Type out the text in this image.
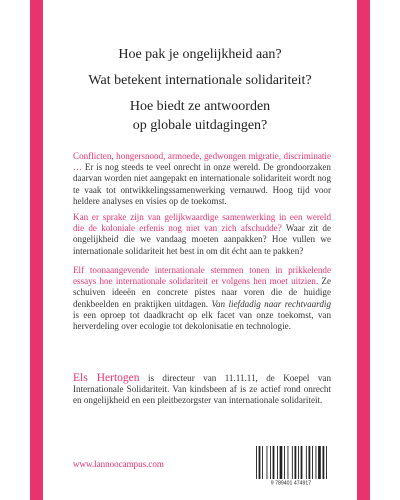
Hoe pak je ongelijkheid aan?

Wat betekent internationale solidariteit?

Hoe biedt ze antwoorden
op globale uitdagingen?

Conflicten, hongersnood, armoede, gedwongen migratie, discriminatie … Er is nog steeds te veel onrecht in onze wereld. De grondoorzaken daarvan worden niet aangepakt en internationale solidariteit wordt nog te vaak tot ontwikkelingssamenwerking vernauwd. Hoog tijd voor heldere analyses en visies op de toekomst.

Kan er sprake zijn van gelijkwaardige samenwerking in een wereld die de koloniale erfenis nog niet van zich afschudde? Waar zit de ongelijkheid die we vandaag moeten aanpakken? Hoe vullen we internationale solidariteit het best in om dit écht aan te pakken?

Elf toonaangevende internationale stemmen tonen in prikkelende essays hoe internationale solidariteit er volgens hen moet uitzien. Ze schuiven ideeën en concrete pistes naar voren die de huidige denkbeelden en praktijken uitdagen. Van liefdadig naar rechtvaardig is een oproep tot daadkracht op elk facet van onze toekomst, van herverdeling over ecologie tot dekolonisatie en technologie.

Els Hertogen is directeur van 11.11.11, de Koepel van Internationale Solidariteit. Van kindsbeen af is ze actief rond onrecht en ongelijkheid en een pleitbezorgster van internationale solidariteit.

www.lannoocampus.com

9 789401 474917
